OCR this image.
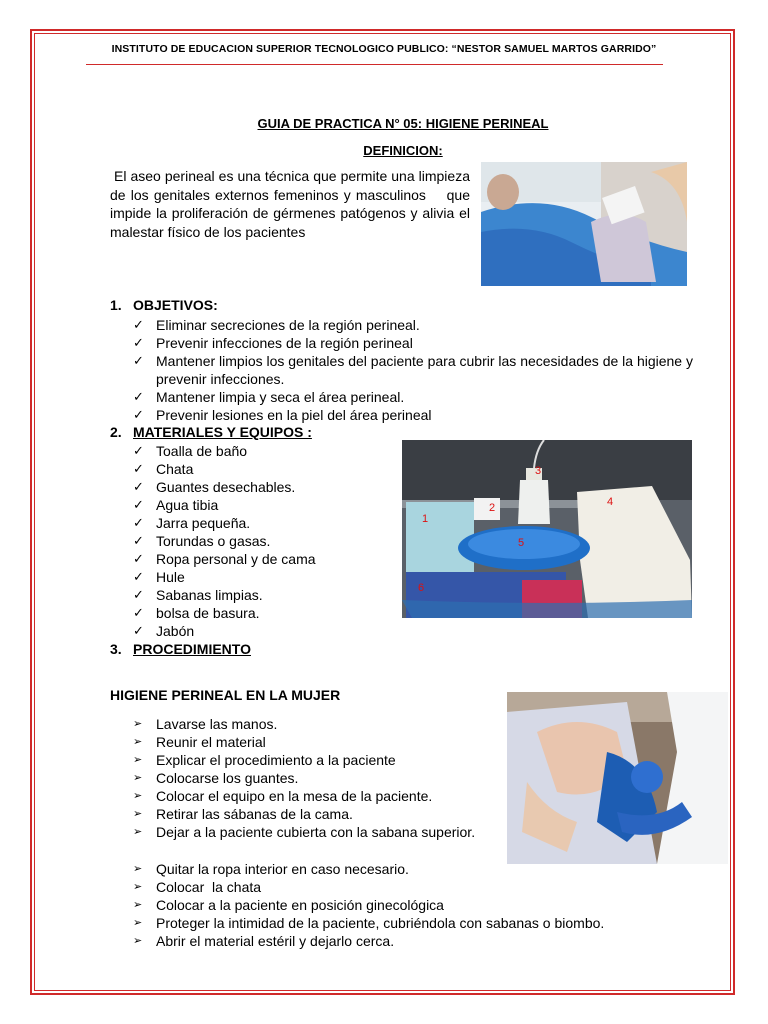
INSTITUTO DE EDUCACION SUPERIOR TECNOLOGICO PUBLICO: “NESTOR SAMUEL MARTOS GARRIDO”
GUIA DE PRACTICA N° 05: HIGIENE PERINEAL
DEFINICION:
El aseo perineal es una técnica que permite una limpieza de los genitales externos femeninos y masculinos    que impide la proliferación de gérmenes patógenos y alivia el malestar físico de los pacientes
1. OBJETIVOS:
✓ Eliminar secreciones de la región perineal.
✓ Prevenir infecciones de la región perineal
✓ Mantener limpios los genitales del paciente para cubrir las necesidades de la higiene y prevenir infecciones.
✓ Mantener limpia y seca el área perineal.
✓ Prevenir lesiones en la piel del área perineal
2. MATERIALES Y EQUIPOS :
✓ Toalla de baño
✓ Chata
✓ Guantes desechables.
✓ Agua tibia
✓ Jarra pequeña.
✓ Torundas o gasas.
✓ Ropa personal y de cama
✓ Hule
✓ Sabanas limpias.
✓ bolsa de basura.
✓ Jabón
1
2
3
4
5
6
3. PROCEDIMIENTO
HIGIENE PERINEAL EN LA MUJER
➢ Lavarse las manos.
➢ Reunir el material
➢ Explicar el procedimiento a la paciente
➢ Colocarse los guantes.
➢ Colocar el equipo en la mesa de la paciente.
➢ Retirar las sábanas de la cama.
➢ Dejar a la paciente cubierta con la sabana superior.
➢ Quitar la ropa interior en caso necesario.
➢ Colocar  la chata
➢ Colocar a la paciente en posición ginecológica
➢ Proteger la intimidad de la paciente, cubriéndola con sabanas o biombo.
➢ Abrir el material estéril y dejarlo cerca.
